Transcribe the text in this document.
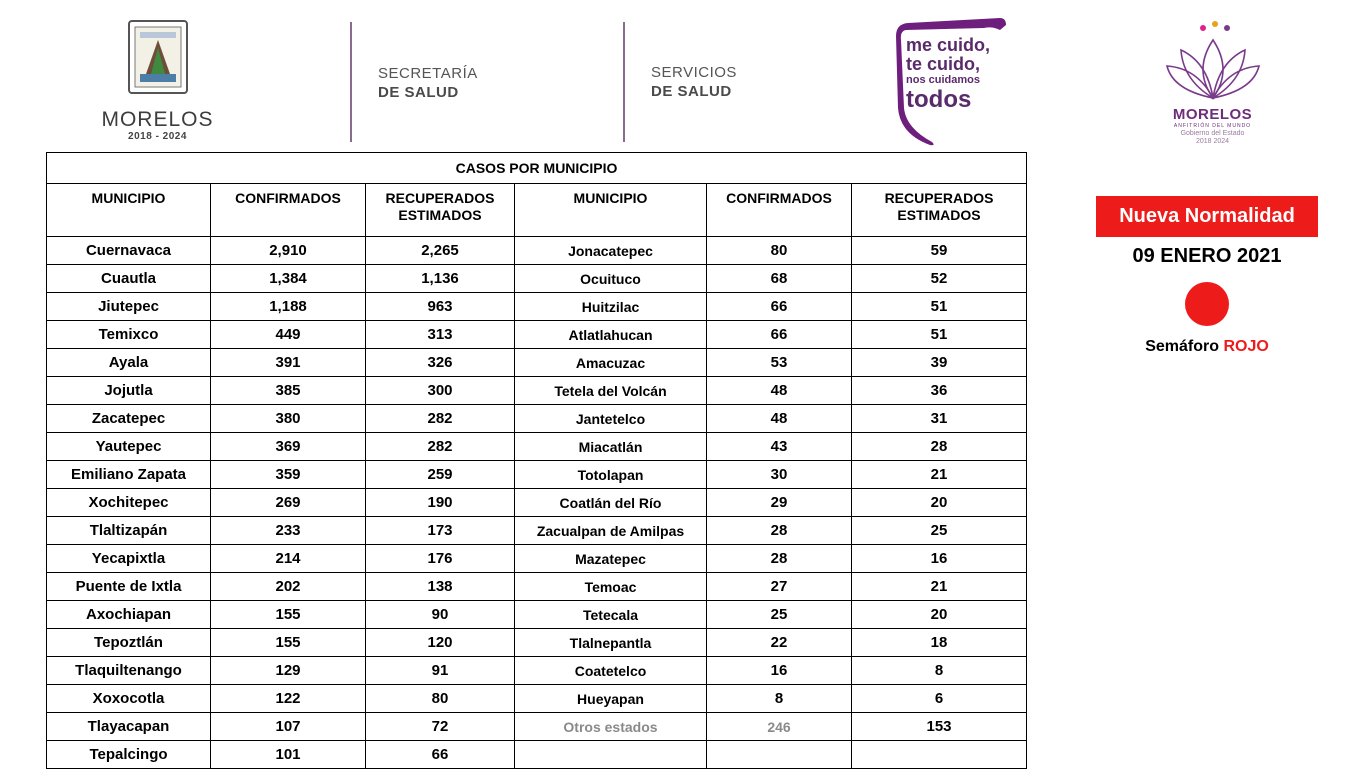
MORELOS
2018 - 2024
SECRETARÍA
DE SALUD
SERVICIOS
DE SALUD
me cuido,
te cuido,
nos cuidamos
todos
MORELOS
ANFITRIÓN DEL MUNDO
Gobierno del Estado
2018 2024
CASOS POR MUNICIPIO					
MUNICIPIO	CONFIRMADOS	RECUPERADOS ESTIMADOS	MUNICIPIO	CONFIRMADOS	RECUPERADOS ESTIMADOS
Cuernavaca	2,910	2,265	Jonacatepec	80	59
Cuautla	1,384	1,136	Ocuituco	68	52
Jiutepec	1,188	963	Huitzilac	66	51
Temixco	449	313	Atlatlahucan	66	51
Ayala	391	326	Amacuzac	53	39
Jojutla	385	300	Tetela del Volcán	48	36
Zacatepec	380	282	Jantetelco	48	31
Yautepec	369	282	Miacatlán	43	28
Emiliano Zapata	359	259	Totolapan	30	21
Xochitepec	269	190	Coatlán del Río	29	20
Tlaltizapán	233	173	Zacualpan de Amilpas	28	25
Yecapixtla	214	176	Mazatepec	28	16
Puente de Ixtla	202	138	Temoac	27	21
Axochiapan	155	90	Tetecala	25	20
Tepoztlán	155	120	Tlalnepantla	22	18
Tlaquiltenango	129	91	Coatetelco	16	8
Xoxocotla	122	80	Hueyapan	8	6
Tlayacapan	107	72	Otros estados	246	153
Tepalcingo	101	66			
Nueva Normalidad
09 ENERO 2021
Semáforo ROJO
